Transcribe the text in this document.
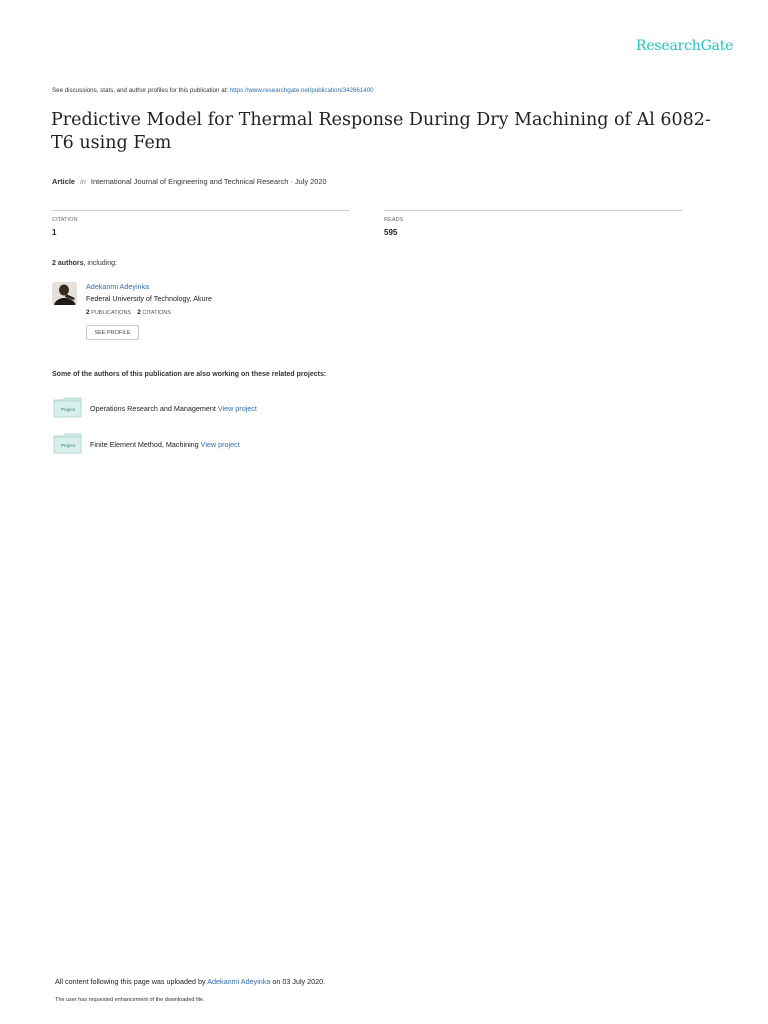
ResearchGate
See discussions, stats, and author profiles for this publication at: https://www.researchgate.net/publication/342661400
Predictive Model for Thermal Response During Dry Machining of Al 6082-T6 using Fem
Article in International Journal of Engineering and Technical Research · July 2020
CITATION
1
READS
595
2 authors, including:
Adekanmi Adeyinka
Federal University of Technology, Akure
2 PUBLICATIONS 2 CITATIONS
SEE PROFILE
Some of the authors of this publication are also working on these related projects:
Project Operations Research and Management View project
Project Finite Element Method, Machining View project
All content following this page was uploaded by Adekanmi Adeyinka on 03 July 2020.
The user has requested enhancement of the downloaded file.
